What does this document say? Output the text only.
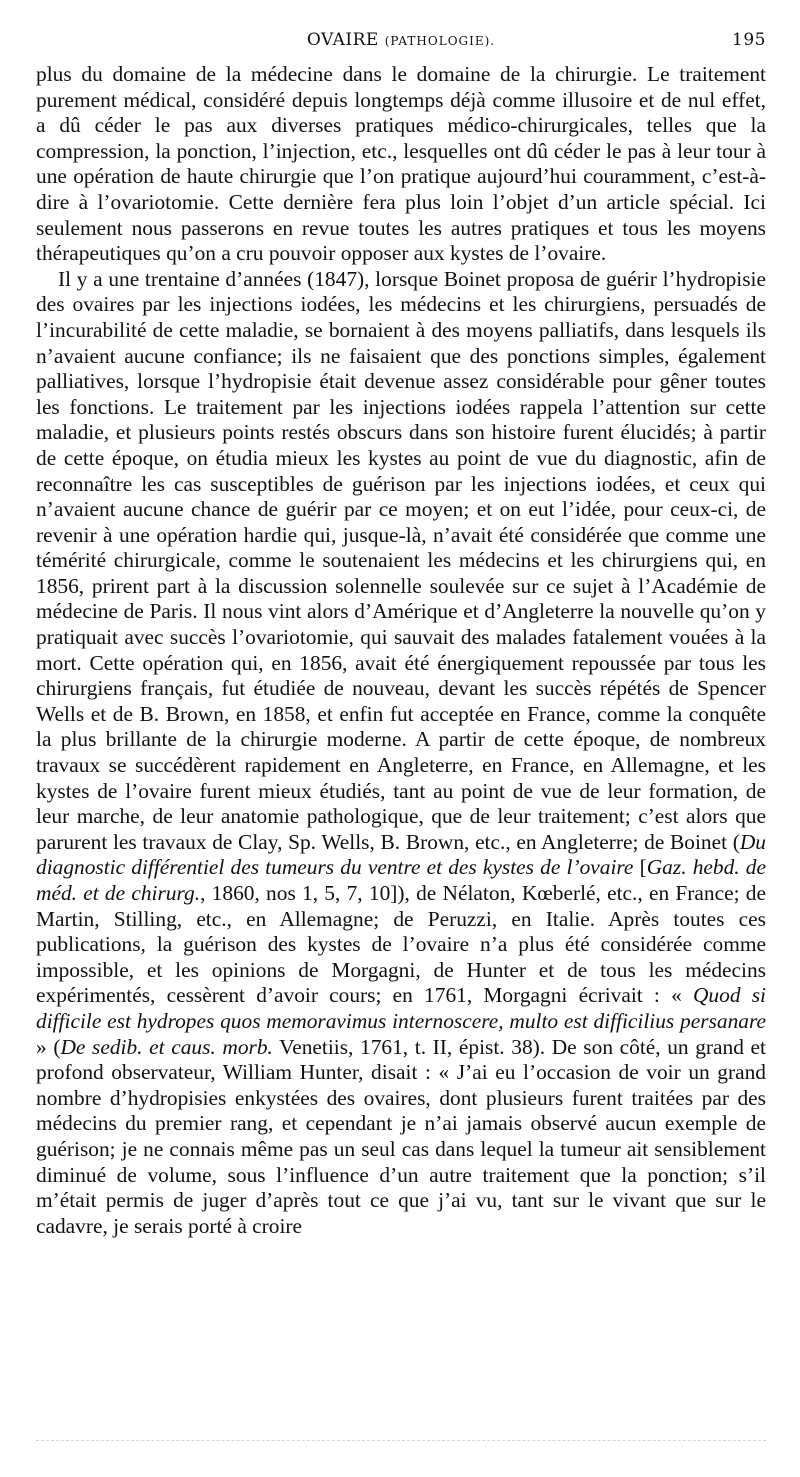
OVAIRE (PATHOLOGIE).	195

plus du domaine de la médecine dans le domaine de la chirurgie. Le traitement purement médical, considéré depuis longtemps déjà comme illusoire et de nul effet, a dû céder le pas aux diverses pratiques médico-chirurgicales, telles que la compression, la ponction, l’injection, etc., lesquelles ont dû céder le pas à leur tour à une opération de haute chirurgie que l’on pratique aujourd’hui couramment, c’est-à-dire à l’ovariotomie. Cette dernière fera plus loin l’objet d’un article spécial. Ici seulement nous passerons en revue toutes les autres pratiques et tous les moyens thérapeutiques qu’on a cru pouvoir opposer aux kystes de l’ovaire.

Il y a une trentaine d’années (1847), lorsque Boinet proposa de guérir l’hydropisie des ovaires par les injections iodées, les médecins et les chirurgiens, persuadés de l’incurabilité de cette maladie, se bornaient à des moyens palliatifs, dans lesquels ils n’avaient aucune confiance; ils ne faisaient que des ponctions simples, également palliatives, lorsque l’hydropisie était devenue assez considérable pour gêner toutes les fonctions. Le traitement par les injections iodées rappela l’attention sur cette maladie, et plusieurs points restés obscurs dans son histoire furent élucidés; à partir de cette époque, on étudia mieux les kystes au point de vue du diagnostic, afin de reconnaître les cas susceptibles de guérison par les injections iodées, et ceux qui n’avaient aucune chance de guérir par ce moyen; et on eut l’idée, pour ceux-ci, de revenir à une opération hardie qui, jusque-là, n’avait été considérée que comme une témérité chirurgicale, comme le soutenaient les médecins et les chirurgiens qui, en 1856, prirent part à la discussion solennelle soulevée sur ce sujet à l’Académie de médecine de Paris. Il nous vint alors d’Amérique et d’Angleterre la nouvelle qu’on y pratiquait avec succès l’ovariotomie, qui sauvait des malades fatalement vouées à la mort. Cette opération qui, en 1856, avait été énergiquement repoussée par tous les chirurgiens français, fut étudiée de nouveau, devant les succès répétés de Spencer Wells et de B. Brown, en 1858, et enfin fut acceptée en France, comme la conquête la plus brillante de la chirurgie moderne. A partir de cette époque, de nombreux travaux se succédèrent rapidement en Angleterre, en France, en Allemagne, et les kystes de l’ovaire furent mieux étudiés, tant au point de vue de leur formation, de leur marche, de leur anatomie pathologique, que de leur traitement; c’est alors que parurent les travaux de Clay, Sp. Wells, B. Brown, etc., en Angleterre; de Boinet (Du diagnostic différentiel des tumeurs du ventre et des kystes de l’ovaire [Gaz. hebd. de méd. et de chirurg., 1860, nos 1, 5, 7, 10]), de Nélaton, Kœberlé, etc., en France; de Martin, Stilling, etc., en Allemagne; de Peruzzi, en Italie. Après toutes ces publications, la guérison des kystes de l’ovaire n’a plus été considérée comme impossible, et les opinions de Morgagni, de Hunter et de tous les médecins expérimentés, cessèrent d’avoir cours; en 1761, Morgagni écrivait : « Quod si difficile est hydropes quos memoravimus internoscere, multo est difficilius persanare » (De sedib. et caus. morb. Venetiis, 1761, t. II, épist. 38). De son côté, un grand et profond observateur, William Hunter, disait : « J’ai eu l’occasion de voir un grand nombre d’hydropisies enkystées des ovaires, dont plusieurs furent traitées par des médecins du premier rang, et cependant je n’ai jamais observé aucun exemple de guérison; je ne connais même pas un seul cas dans lequel la tumeur ait sensiblement diminué de volume, sous l’influence d’un autre traitement que la ponction; s’il m’était permis de juger d’après tout ce que j’ai vu, tant sur le vivant que sur le cadavre, je serais porté à croire
